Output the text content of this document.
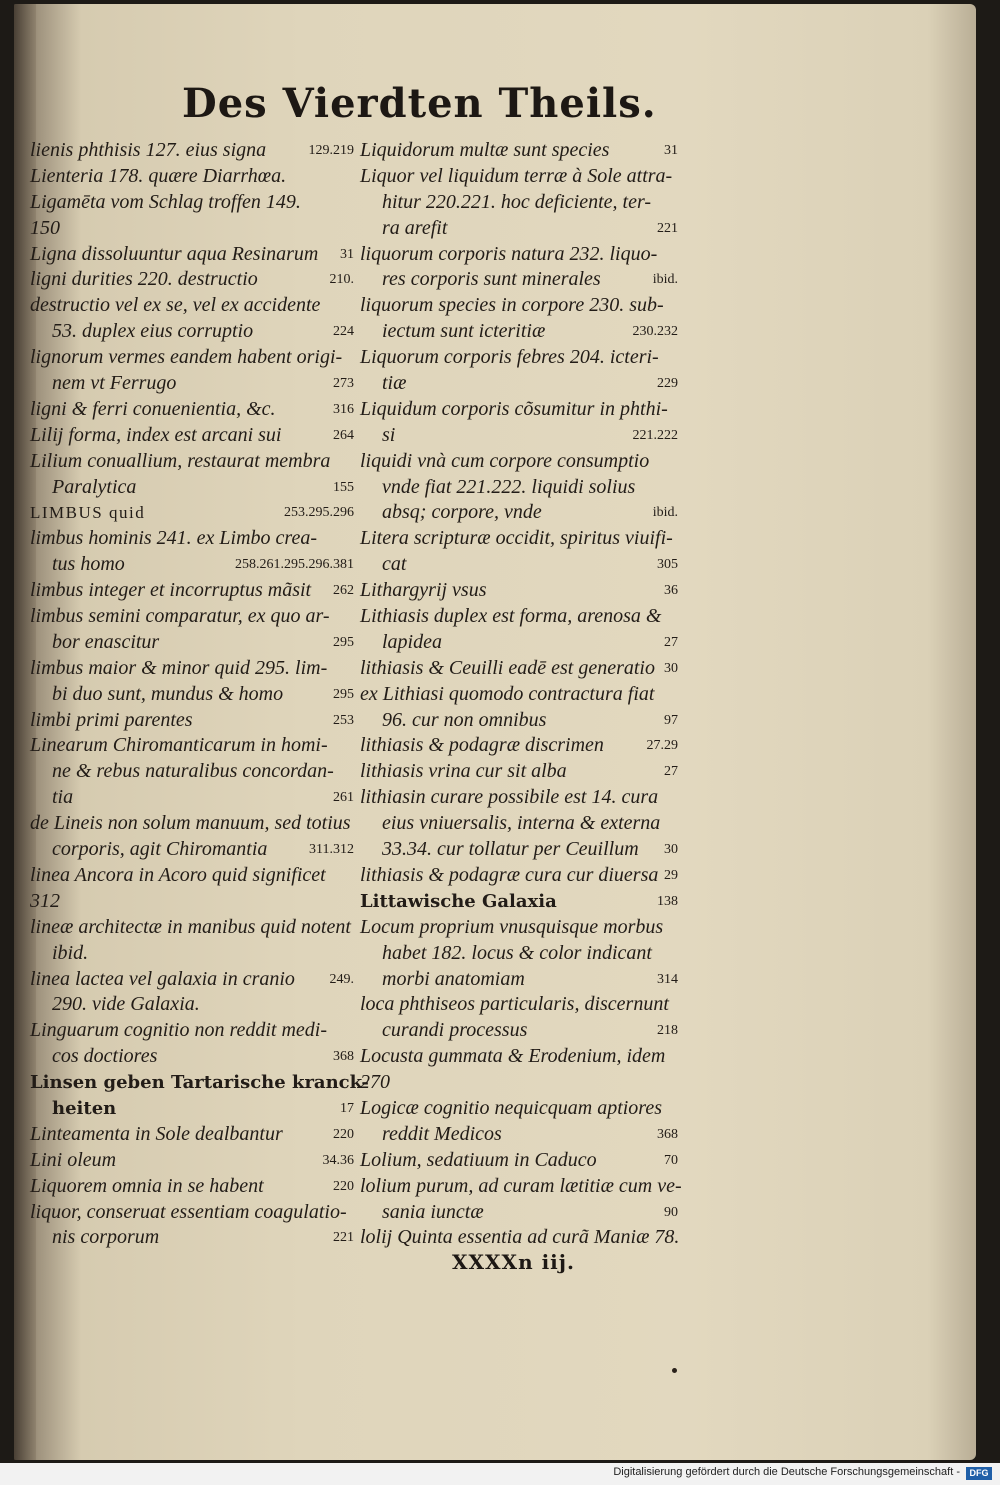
Des Vierdten Theils.
lienis phthisis 127. eius signa	129.219
Lienteria 178. quære Diarrhœa.
Ligamēta vom Schlag troffen 149.
150
Ligna dissoluuntur aqua Resinarum 31
ligni durities 220. destructio	210.
destructio vel ex se, vel ex accidente
53. duplex eius corruptio	224
lignorum vermes eandem habent origi-
nem vt Ferrugo	273
ligni & ferri conuenientia, &c.	316
Lilij forma, index est arcani sui	264
Lilium conuallium, restaurat membra
Paralytica	155
LIMBUS quid	253.295.296
limbus hominis 241. ex Limbo crea-
tus homo	258.261.295.296.381
limbus integer et incorruptus mãsit 262
limbus semini comparatur, ex quo ar-
bor enascitur	295
limbus maior & minor quid 295. lim-
bi duo sunt, mundus & homo	295
limbi primi parentes	253
Linearum Chiromanticarum in homi-
ne & rebus naturalibus concordan-
tia	261
de Lineis non solum manuum, sed totius
corporis, agit Chiromantia	311.312
linea Ancora in Acoro quid significet
312
lineæ architectæ in manibus quid notent
ibid.
linea lactea vel galaxia in cranio 249.
290. vide Galaxia.
Linguarum cognitio non reddit medi-
cos doctiores	368
Linsen geben Tartarische kranck-
heiten	17
Linteamenta in Sole dealbantur	220
Lini oleum	34.36
Liquorem omnia in se habent	220
liquor, conseruat essentiam coagulatio-
nis corporum	221
Liquidorum multæ sunt species	31
Liquor vel liquidum terræ à Sole attra-
hitur 220.221. hoc deficiente, ter-
ra arefit	221
liquorum corporis natura 232. liquo-
res corporis sunt minerales	ibid.
liquorum species in corpore 230. sub-
iectum sunt icteritiæ	230.232
Liquorum corporis febres 204. icteri-
tiæ	229
Liquidum corporis cõsumitur in phthi-
si	221.222
liquidi vnà cum corpore consumptio
vnde fiat 221.222. liquidi solius
absq; corpore, vnde	ibid.
Litera scripturæ occidit, spiritus viuifi-
cat	305
Lithargyrij vsus	36
Lithiasis duplex est forma, arenosa &
lapidea	27
lithiasis & Ceuilli eadē est generatio 30
ex Lithiasi quomodo contractura fiat
96. cur non omnibus	97
lithiasis & podagræ discrimen	27.29
lithiasis vrina cur sit alba	27
lithiasin curare possibile est 14. cura
eius vniuersalis, interna & externa
33.34. cur tollatur per Ceuillum 30
lithiasis & podagræ cura cur diuersa 29
Littawische Galaxia	138
Locum proprium vnusquisque morbus
habet 182. locus & color indicant
morbi anatomiam	314
loca phthiseos particularis, discernunt
curandi processus	218
Locusta gummata & Erodenium, idem
270
Logicæ cognitio nequicquam aptiores
reddit Medicos	368
Lolium, sedatiuum in Caduco	70
lolium purum, ad curam lætitiæ cum ve-
sania iunctæ	90
lolij Quinta essentia ad curã Maniæ 78.
XXXXn iij.
Digitalisierung gefördert durch die Deutsche Forschungsgemeinschaft -	DFG
